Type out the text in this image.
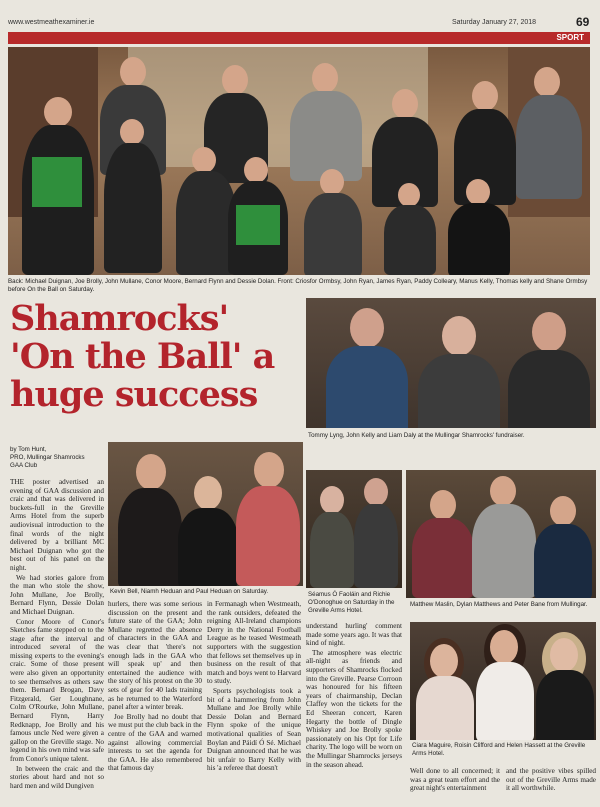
www.westmeathexaminer.ie	Saturday January 27, 2018	69
SPORT
Back: Michael Duignan, Joe Brolly, John Mullane, Conor Moore, Bernard Flynn and Dessie Dolan. Front: Criosfor Ormbsy, John Ryan, James Ryan, Paddy Colleary, Manus Kelly, Thomas kelly and Shane Ormbsy before On the Ball on Saturday.
Shamrocks'
'On the Ball' a
huge success
Tommy Lyng, John Kelly and Liam Daly at the Mullingar Shamrocks' fundraiser.
by Tom Hunt,
PRO, Mullingar Shamrocks
GAA Club

THE poster advertised an evening of GAA discussion and craic and that was delivered in buckets-full in the Greville Arms Hotel from the superb audiovisual introduction to the final words of the night delivered by a brilliant MC Michael Duignan who got the best out of his panel on the night.

We had stories galore from the man who stole the show, John Mullane, Joe Brolly, Bernard Flynn, Dessie Dolan and Michael Duignan.

Conor Moore of Conor's Sketches fame stepped on to the stage after the interval and introduced several of the missing experts to the evening's craic. Some of those present were also given an opportunity to see themselves as others saw them. Bernard Brogan, Davy Fitzgerald, Ger Loughnane, Colm O'Rourke, John Mullane, Bernard Flynn, Harry Redknapp, Joe Brolly and his famous uncle Ned were given a gallop on the Greville stage. No legend in his own mind was safe from Conor's unique talent.

In between the craic and the stories about hard and not so hard men and wild Dungiven

Kevin Bell, Niamh Heduan and Paul Heduan on Saturday.	Séamus Ó Faoláin and Richie O'Donoghue on Saturday in the Greville Arms Hotel.
Matthew Maslin, Dylan Matthews and Peter Bane from Mullingar.

hurlers, there was some serious discussion on the present and future state of the GAA; John Mullane regretted the absence of characters in the GAA and was clear that 'there's not enough lads in the GAA who will speak up' and then entertained the audience with the story of his protest on the 30 sets of gear for 40 lads training as he returned to the Waterford panel after a winter break.

Joe Brolly had no doubt that we must put the club back in the centre of the GAA and warned against allowing commercial interests to set the agenda for the GAA. He also remembered that famous day

in Fermanagh when Westmeath, the rank outsiders, defeated the reigning All-Ireland champions Derry in the National Football League as he teased Westmeath supporters with the suggestion that fellows set themselves up in business on the result of that match and boys went to Harvard to study.

Sports psychologists took a bit of a hammering from John Mullane and Joe Brolly while Dessie Dolan and Bernard Flynn spoke of the unique motivational qualities of Sean Boylan and Páidí Ó Sé. Michael Duignan announced that he was bit unfair to Barry Kelly with his 'a referee that doesn't

understand hurling' comment made some years ago. It was that kind of night.

The atmosphere was electric all-night as friends and supporters of Shamrocks flocked into the Greville. Pearse Corroon was honoured for his fifteen years of chairmanship, Declan Claffey won the tickets for the Ed Sheeran concert, Karen Hegarty the bottle of Dingle Whiskey and Joe Brolly spoke passionately on his Opt for Life charity. The logo will be worn on the Mullingar Shamrocks jerseys in the season ahead.

Ciara Maguire, Roisin Clifford and Helen Hassett at the Greville Arms Hotel.

Well done to all concerned; it was a great team effort and the great night's entertainment

and the positive vibes spilled out of the Greville Arms made it all worthwhile.
